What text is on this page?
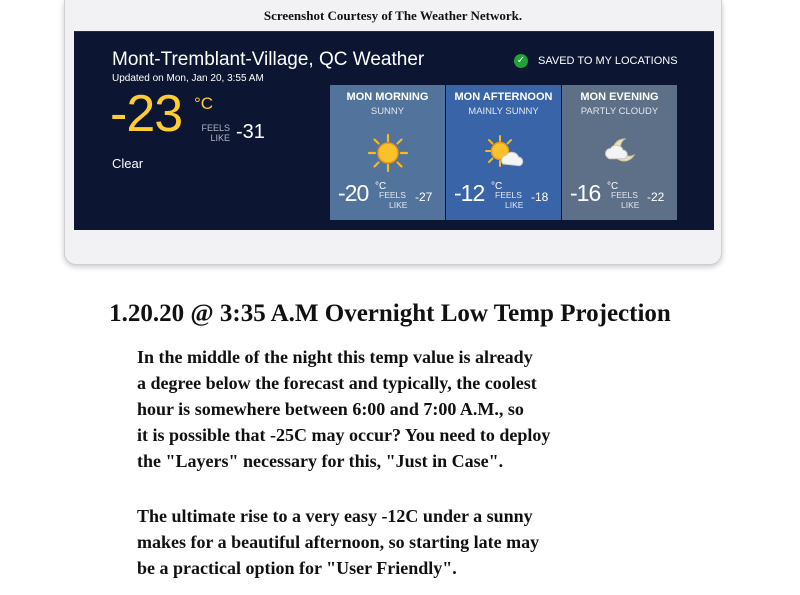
Screenshot Courtesy of The Weather Network.
Mont-Tremblant-Village, QC Weather
Updated on Mon, Jan 20, 3:55 AM
✓ SAVED TO MY LOCATIONS
-23 °C
FEELS
LIKE -31
Clear
MON MORNING
SUNNY
-20 °C
FEELS
LIKE
-27
MON AFTERNOON
MAINLY SUNNY
-12 °C
FEELS
LIKE
-18
MON EVENING
PARTLY CLOUDY
-16 °C
FEELS
LIKE
-22
1.20.20 @ 3:35 A.M Overnight Low Temp Projection

In the middle of the night this temp value is already
a degree below the forecast and typically, the coolest
hour is somewhere between 6:00 and 7:00 A.M., so
it is possible that -25C may occur? You need to deploy
the "Layers" necessary for this, "Just in Case".

The ultimate rise to a very easy -12C under a sunny
makes for a beautiful afternoon, so starting late may
be a practical option for "User Friendly".
